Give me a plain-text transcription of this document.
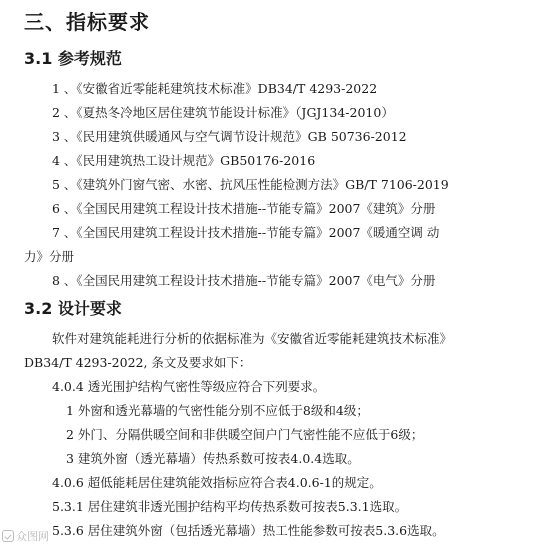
三、指标要求
3.1 参考规范
1 、《安徽省近零能耗建筑技术标准》DB34/T 4293-2022
2 、《夏热冬冷地区居住建筑节能设计标准》（JGJ134-2010）
3 、《民用建筑供暖通风与空气调节设计规范》GB 50736-2012
4 、《民用建筑热工设计规范》GB50176-2016
5 、《建筑外门窗气密、水密、抗风压性能检测方法》GB/T 7106-2019
6 、《全国民用建筑工程设计技术措施--节能专篇》2007《建筑》分册
7 、《全国民用建筑工程设计技术措施--节能专篇》2007《暖通空调 动
力》分册
8 、《全国民用建筑工程设计技术措施--节能专篇》2007《电气》分册
3.2 设计要求
软件对建筑能耗进行分析的依据标准为《安徽省近零能耗建筑技术标准》
DB34/T 4293-2022, 条文及要求如下：
4.0.4 透光围护结构气密性等级应符合下列要求。
1 外窗和透光幕墙的气密性能分别不应低于8级和4级；
2 外门、分隔供暖空间和非供暖空间户门气密性能不应低于6级；
3 建筑外窗（透光幕墙）传热系数可按表4.0.4选取。
4.0.6 超低能耗居住建筑能效指标应符合表4.0.6-1的规定。
5.3.1 居住建筑非透光围护结构平均传热系数可按表5.3.1选取。
5.3.6 居住建筑外窗（包括透光幕墙）热工性能参数可按表5.3.6选取。
众图网
